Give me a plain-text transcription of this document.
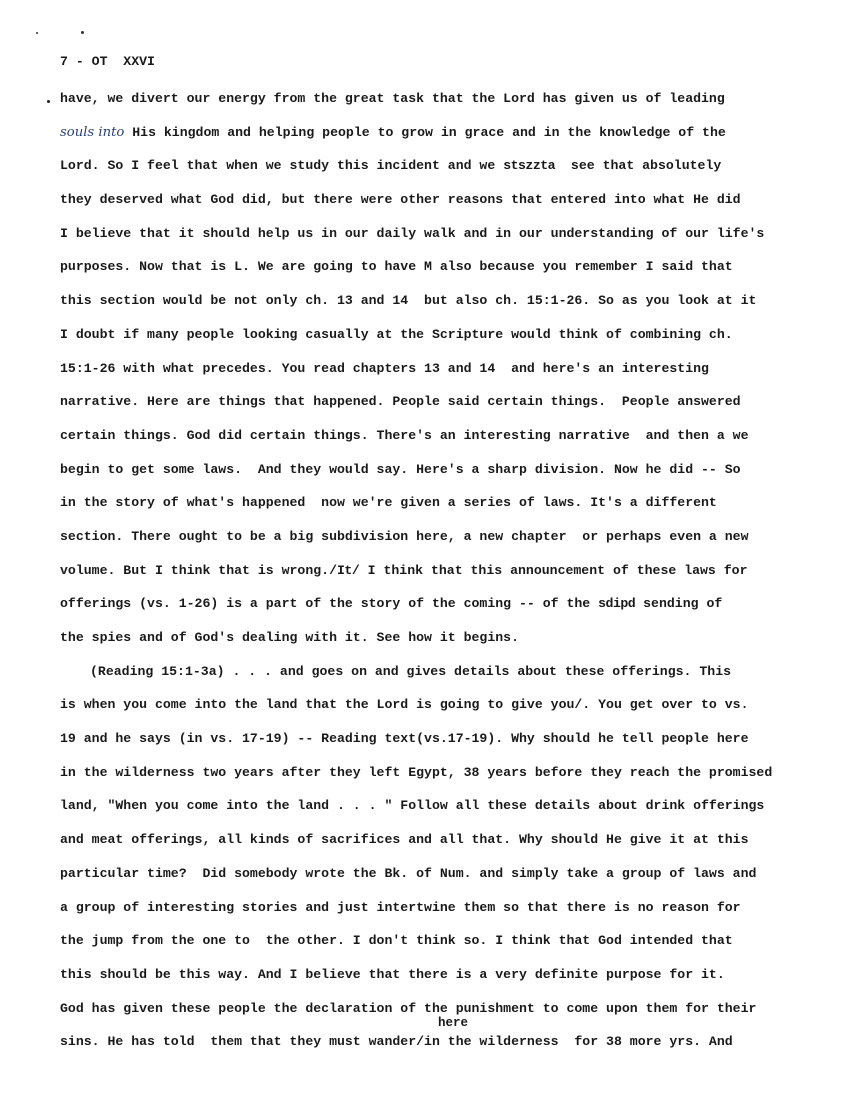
7 - OT  XXVI
have, we divert our energy from the great task that the Lord has given us of leading
souls into His kingdom and helping people to grow in grace and in the knowledge of the
Lord. So I feel that when we study this incident and we stszzta  see that absolutely
they deserved what God did, but there were other reasons that entered into what He did
I believe that it should help us in our daily walk and in our understanding of our life's
purposes. Now that is L. We are going to have M also because you remember I said that
this section would be not only ch. 13 and 14  but also ch. 15:1-26. So as you look at it
I doubt if many people looking casually at the Scripture would think of combining ch.
15:1-26 with what precedes. You read chapters 13 and 14  and here's an interesting
narrative. Here are things that happened. People said certain things.  People answered
certain things. God did certain things. There's an interesting narrative  and then a we
begin to get some laws.  And they would say. Here's a sharp division. Now he did -- So
in the story of what's happened  now we're given a series of laws. It's a different
section. There ought to be a big subdivision here, a new chapter  or perhaps even a new
volume. But I think that is wrong./It/ I think that this announcement of these laws for
offerings (vs. 1-26) is a part of the story of the coming -- of the sdipd sending of
the spies and of God's dealing with it. See how it begins.
(Reading 15:1-3a) . . . and goes on and gives details about these offerings. This
is when you come into the land that the Lord is going to give you/. You get over to vs.
19 and he says (in vs. 17-19) -- Reading text(vs.17-19). Why should he tell people here
in the wilderness two years after they left Egypt, 38 years before they reach the promised
land, "When you come into the land . . . " Follow all these details about drink offerings
and meat offerings, all kinds of sacrifices and all that. Why should He give it at this
particular time?  Did somebody wrote the Bk. of Num. and simply take a group of laws and
a group of interesting stories and just intertwine them so that there is no reason for
the jump from the one to  the other. I don't think so. I think that God intended that
this should be this way. And I believe that there is a very definite purpose for it.
God has given these people the declaration of the punishment to come upon them for their
sins. He has told  them that they must wander/in the wilderness  for 38 more yrs. And
here
